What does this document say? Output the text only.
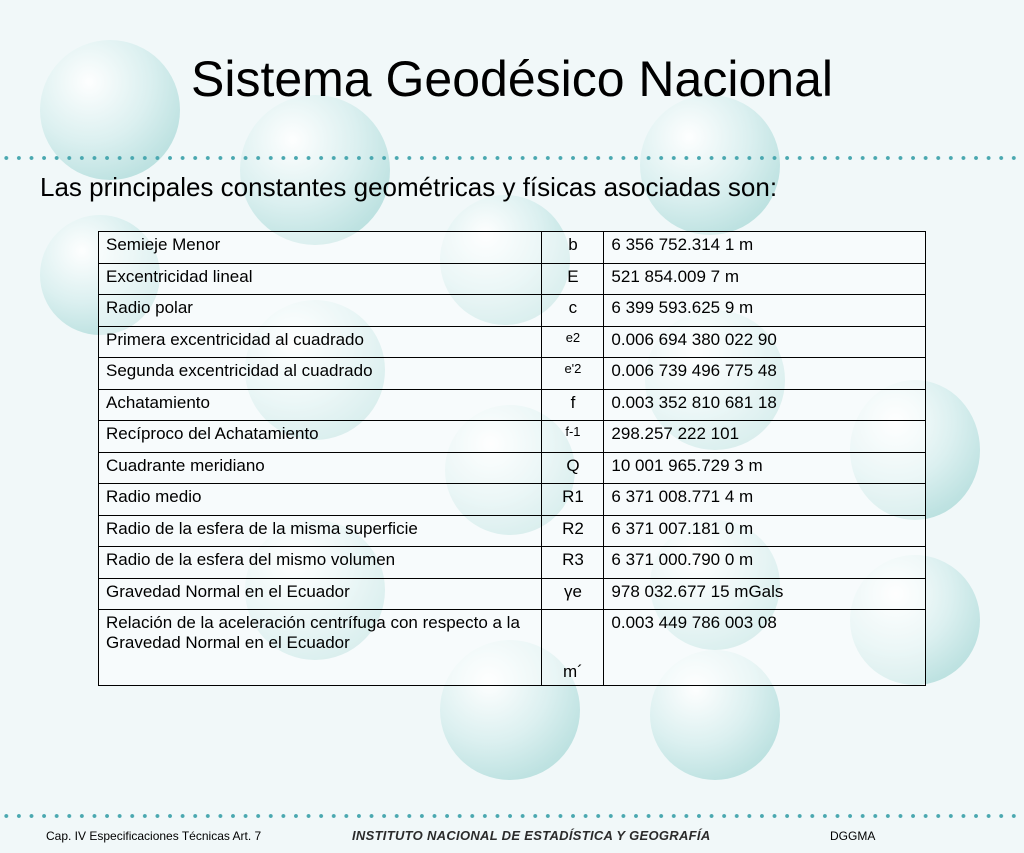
Sistema Geodésico Nacional

Las principales constantes geométricas y físicas asociadas son:

Semieje Menor	b	6 356 752.314 1 m
Excentricidad lineal	E	521 854.009 7 m
Radio polar	c	6 399 593.625 9 m
Primera excentricidad al cuadrado	e2	0.006 694 380 022 90
Segunda excentricidad al cuadrado	e'2	0.006 739 496 775 48
Achatamiento	f	0.003 352 810 681 18
Recíproco del Achatamiento	f-1	298.257 222 101
Cuadrante meridiano	Q	10 001 965.729 3 m
Radio medio	R1	6 371 008.771 4 m
Radio de la esfera de la misma superficie	R2	6 371 007.181 0 m
Radio de la esfera del mismo volumen	R3	6 371 000.790 0 m
Gravedad Normal en el Ecuador	γe	978 032.677 15 mGals
Relación de la aceleración centrífuga con respecto a la Gravedad Normal en el Ecuador	m´	0.003 449 786 003 08
Cap. IV Especificaciones Técnicas Art. 7	INSTITUTO NACIONAL DE ESTADÍSTICA Y GEOGRAFÍA	DGGMA
